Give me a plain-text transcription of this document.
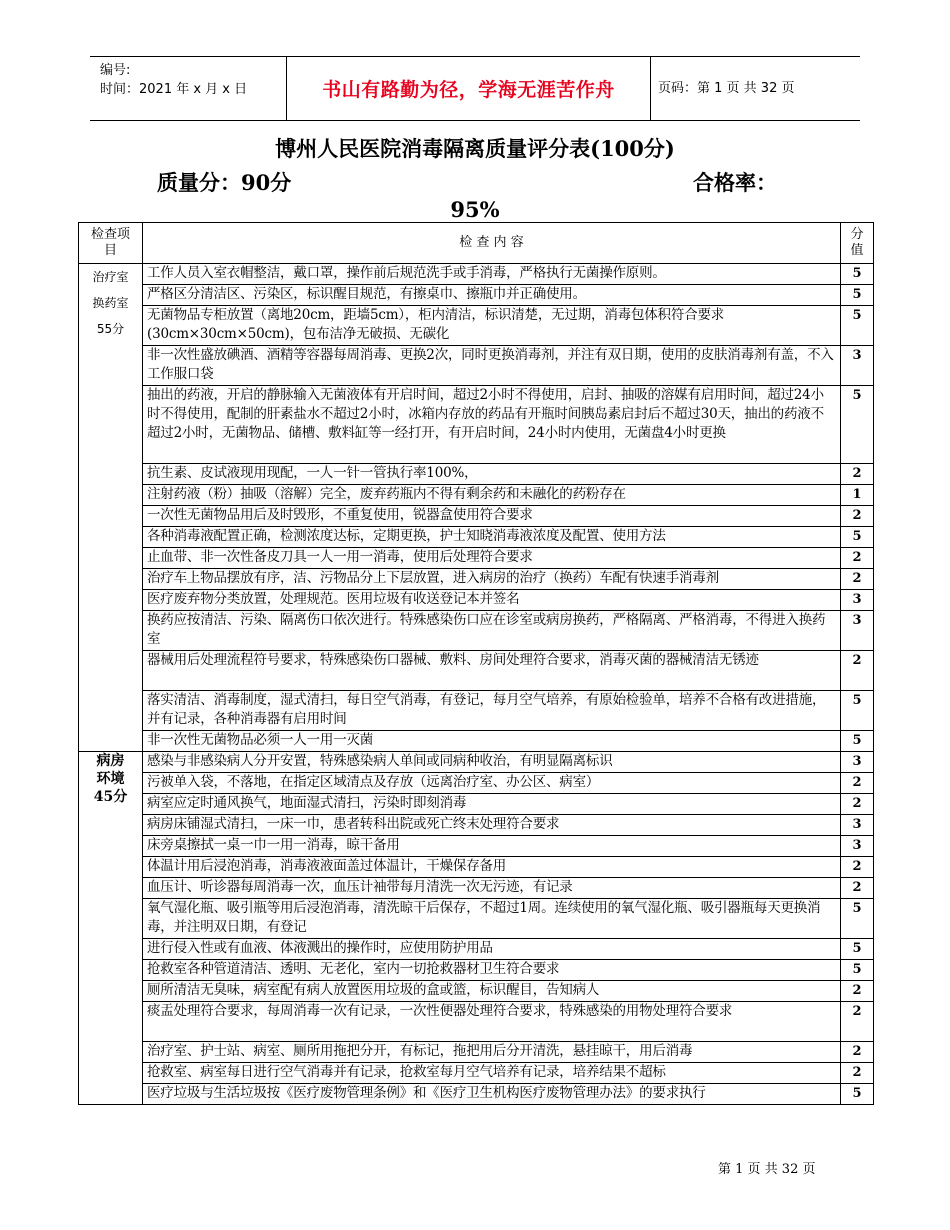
编号:
时间：2021 年 x 月 x 日	书山有路勤为径，学海无涯苦作舟	页码：第 1 页 共 32 页
博州人民医院消毒隔离质量评分表(100分)
质量分：90分	合格率：
95%
检查项目	检 查 内 容	分值

治疗室
换药室
55分	工作人员入室衣帽整洁，戴口罩，操作前后规范洗手或手消毒，严格执行无菌操作原则。	5
	严格区分清洁区、污染区，标识醒目规范，有擦桌巾、擦瓶巾并正确使用。	5
	无菌物品专柜放置（离地20cm，距墙5cm），柜内清洁，标识清楚，无过期，消毒包体积符合要求(30cm×30cm×50cm)，包布洁净无破损、无碳化	5
	非一次性盛放碘酒、酒精等容器每周消毒、更换2次，同时更换消毒剂，并注有双日期，使用的皮肤消毒剂有盖，不入工作服口袋	3
	抽出的药液，开启的静脉输入无菌液体有开启时间，超过2小时不得使用，启封、抽吸的溶媒有启用时间，超过24小时不得使用，配制的肝素盐水不超过2小时，冰箱内存放的药品有开瓶时间胰岛素启封后不超过30天，抽出的药液不超过2小时，无菌物品、储槽、敷料缸等一经打开，有开启时间，24小时内使用，无菌盘4小时更换	5
	抗生素、皮试液现用现配，一人一针一管执行率100%，	2
	注射药液（粉）抽吸（溶解）完全，废弃药瓶内不得有剩余药和未融化的药粉存在	1
	一次性无菌物品用后及时毁形，不重复使用，锐器盒使用符合要求	2
	各种消毒液配置正确，检测浓度达标，定期更换，护士知晓消毒液浓度及配置、使用方法	5
	止血带、非一次性备皮刀具一人一用一消毒，使用后处理符合要求	2
	治疗车上物品摆放有序，洁、污物品分上下层放置，进入病房的治疗（换药）车配有快速手消毒剂	2
	医疗废弃物分类放置，处理规范。医用垃圾有收送登记本并签名	3
	换药应按清洁、污染、隔离伤口依次进行。特殊感染伤口应在诊室或病房换药，严格隔离、严格消毒，不得进入换药室	3
	器械用后处理流程符号要求，特殊感染伤口器械、敷料、房间处理符合要求，消毒灭菌的器械清洁无锈迹	2
	落实清洁、消毒制度，湿式清扫，每日空气消毒，有登记，每月空气培养，有原始检验单，培养不合格有改进措施，并有记录，各种消毒器有启用时间	5
	非一次性无菌物品必须一人一用一灭菌	5

病房
环境
45分	感染与非感染病人分开安置，特殊感染病人单间或同病种收治，有明显隔离标识	3
	污被单入袋，不落地，在指定区域清点及存放（远离治疗室、办公区、病室）	2
	病室应定时通风换气，地面湿式清扫，污染时即刻消毒	2
	病房床铺湿式清扫，一床一巾，患者转科出院或死亡终末处理符合要求	3
	床旁桌擦拭一桌一巾一用一消毒，晾干备用	3
	体温计用后浸泡消毒，消毒液液面盖过体温计，干燥保存备用	2
	血压计、听诊器每周消毒一次，血压计袖带每月清洗一次无污迹，有记录	2
	氧气湿化瓶、吸引瓶等用后浸泡消毒，清洗晾干后保存，不超过1周。连续使用的氧气湿化瓶、吸引器瓶每天更换消毒，并注明双日期，有登记	5
	进行侵入性或有血液、体液溅出的操作时，应使用防护用品	5
	抢救室各种管道清洁、透明、无老化，室内一切抢救器材卫生符合要求	5
	厕所清洁无臭味，病室配有病人放置医用垃圾的盒或篮，标识醒目，告知病人	2
	痰盂处理符合要求，每周消毒一次有记录，一次性便器处理符合要求，特殊感染的用物处理符合要求	2
	治疗室、护士站、病室、厕所用拖把分开，有标记，拖把用后分开清洗，悬挂晾干，用后消毒	2
	抢救室、病室每日进行空气消毒并有记录，抢救室每月空气培养有记录，培养结果不超标	2
	医疗垃圾与生活垃圾按《医疗废物管理条例》和《医疗卫生机构医疗废物管理办法》的要求执行	5
第 1 页 共 32 页
